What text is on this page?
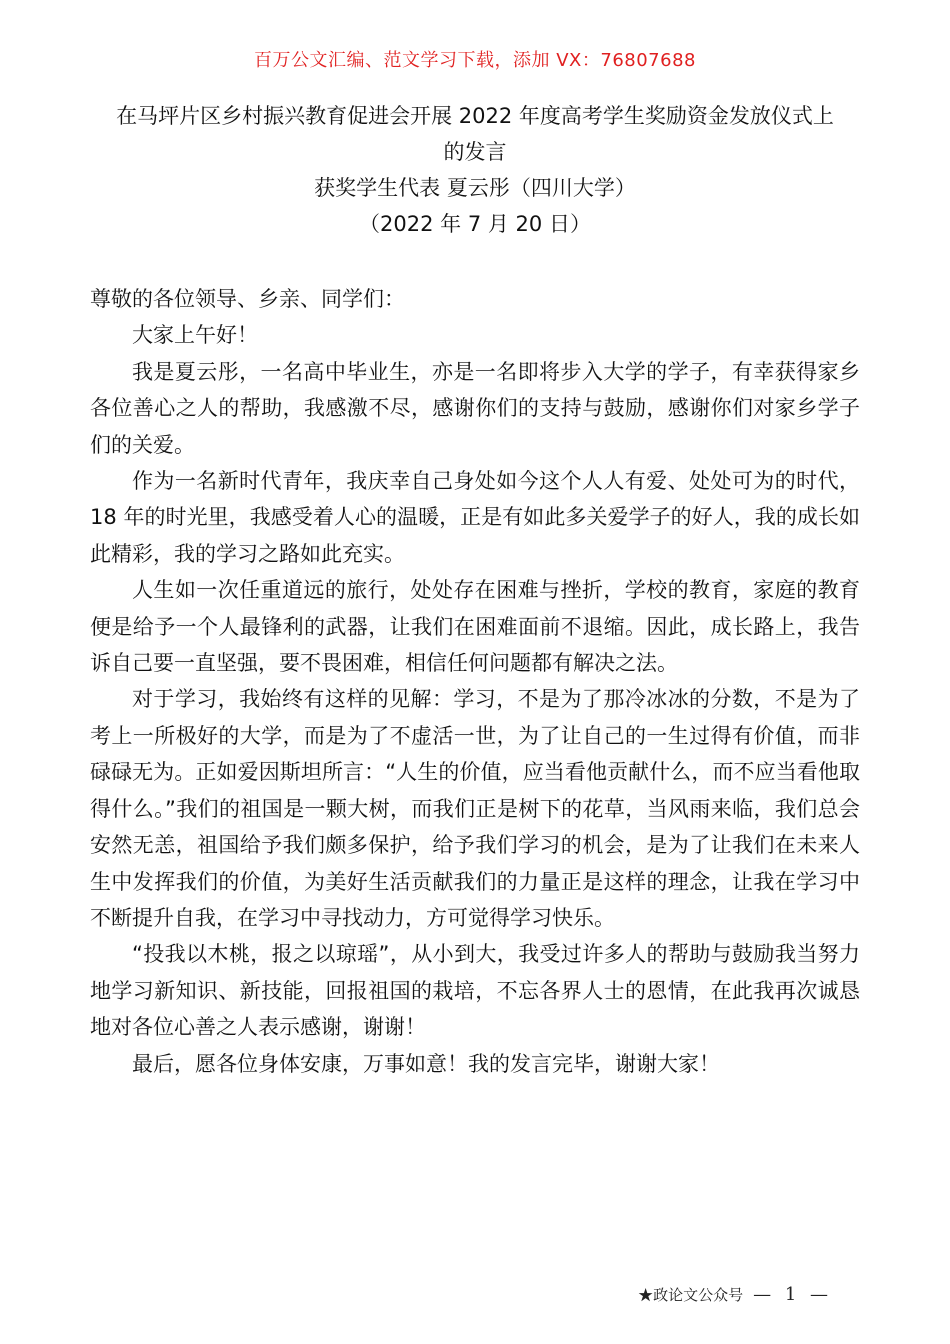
百万公文汇编、范文学习下载，添加 VX：76807688
在马坪片区乡村振兴教育促进会开展 2022 年度高考学生奖励资金发放仪式上
的发言
获奖学生代表 夏云彤（四川大学）
（2022 年 7 月 20 日）

尊敬的各位领导、乡亲、同学们：

大家上午好！

我是夏云彤，一名高中毕业生，亦是一名即将步入大学的学子，有幸获得家乡各位善心之人的帮助，我感激不尽，感谢你们的支持与鼓励，感谢你们对家乡学子们的关爱。

作为一名新时代青年，我庆幸自己身处如今这个人人有爱、处处可为的时代，18 年的时光里，我感受着人心的温暖，正是有如此多关爱学子的好人，我的成长如此精彩，我的学习之路如此充实。

人生如一次任重道远的旅行，处处存在困难与挫折，学校的教育，家庭的教育便是给予一个人最锋利的武器，让我们在困难面前不退缩。因此，成长路上，我告诉自己要一直坚强，要不畏困难，相信任何问题都有解决之法。

对于学习，我始终有这样的见解：学习，不是为了那冷冰冰的分数，不是为了考上一所极好的大学，而是为了不虚活一世，为了让自己的一生过得有价值，而非碌碌无为。正如爱因斯坦所言：“人生的价值，应当看他贡献什么，而不应当看他取得什么。”我们的祖国是一颗大树，而我们正是树下的花草，当风雨来临，我们总会安然无恙，祖国给予我们颇多保护，给予我们学习的机会，是为了让我们在未来人生中发挥我们的价值，为美好生活贡献我们的力量正是这样的理念，让我在学习中不断提升自我，在学习中寻找动力，方可觉得学习快乐。

“投我以木桃，报之以琼瑶”，从小到大，我受过许多人的帮助与鼓励我当努力地学习新知识、新技能，回报祖国的栽培，不忘各界人士的恩情，在此我再次诚恳地对各位心善之人表示感谢，谢谢！

最后，愿各位身体安康，万事如意！我的发言完毕，谢谢大家！

★政论文公众号 — 1 —
